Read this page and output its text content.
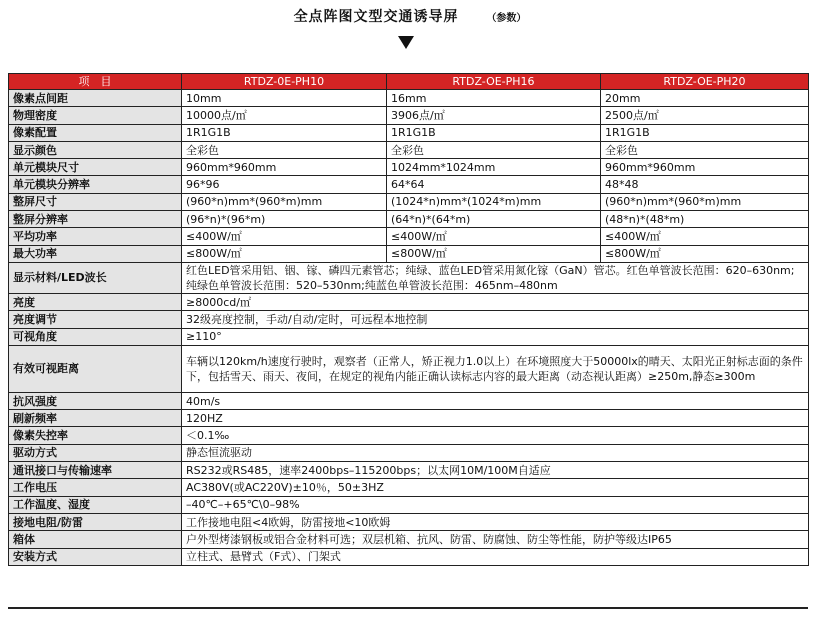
全点阵图文型交通诱导屏	（参数）
项　目	RTDZ-0E-PH10	RTDZ-OE-PH16	RTDZ-OE-PH20
像素点间距	10mm	16mm	20mm
物理密度	10000点/㎡	3906点/㎡	2500点/㎡
像素配置	1R1G1B	1R1G1B	1R1G1B
显示颜色	全彩色	全彩色	全彩色
单元模块尺寸	960mm*960mm	1024mm*1024mm	960mm*960mm
单元模块分辨率	96*96	64*64	48*48
整屏尺寸	(960*n)mm*(960*m)mm	(1024*n)mm*(1024*m)mm	(960*n)mm*(960*m)mm
整屏分辨率	(96*n)*(96*m)	(64*n)*(64*m)	(48*n)*(48*m)
平均功率	≤400W/㎡	≤400W/㎡	≤400W/㎡
最大功率	≤800W/㎡	≤800W/㎡	≤800W/㎡
显示材料/LED波长	红色LED管采用铝、铟、镓、磷四元素管芯；纯绿、蓝色LED管采用氮化镓（GaN）管芯。红色单管波长范围：620–630nm;纯绿色单管波长范围：520–530nm;纯蓝色单管波长范围：465nm–480nm		
亮度	≥8000cd/㎡		
亮度调节	32级亮度控制，手动/自动/定时，可远程本地控制		
可视角度	≥110°		
有效可视距离	车辆以120km/h速度行驶时，观察者（正常人，矫正视力1.0以上）在环境照度大于50000lx的晴天、太阳光正射标志面的条件下，包括雪天、雨天、夜间，在规定的视角内能正确认读标志内容的最大距离（动态视认距离）≥250m,静态≥300m		
抗风强度	40m/s		
刷新频率	120HZ		
像素失控率	＜0.1‰		
驱动方式	静态恒流驱动		
通讯接口与传输速率	RS232或RS485，速率2400bps–115200bps；以太网10M/100M自适应		
工作电压	AC380V(或AC220V)±10％，50±3HZ		
工作温度、湿度	–40℃–+65℃\0–98%		
接地电阻/防雷	工作接地电阻<4欧姆，防雷接地<10欧姆		
箱体	户外型烤漆钢板或铝合金材料可选；双层机箱、抗风、防雷、防腐蚀、防尘等性能，防护等级达IP65		
安装方式	立柱式、悬臂式（F式）、门架式		
